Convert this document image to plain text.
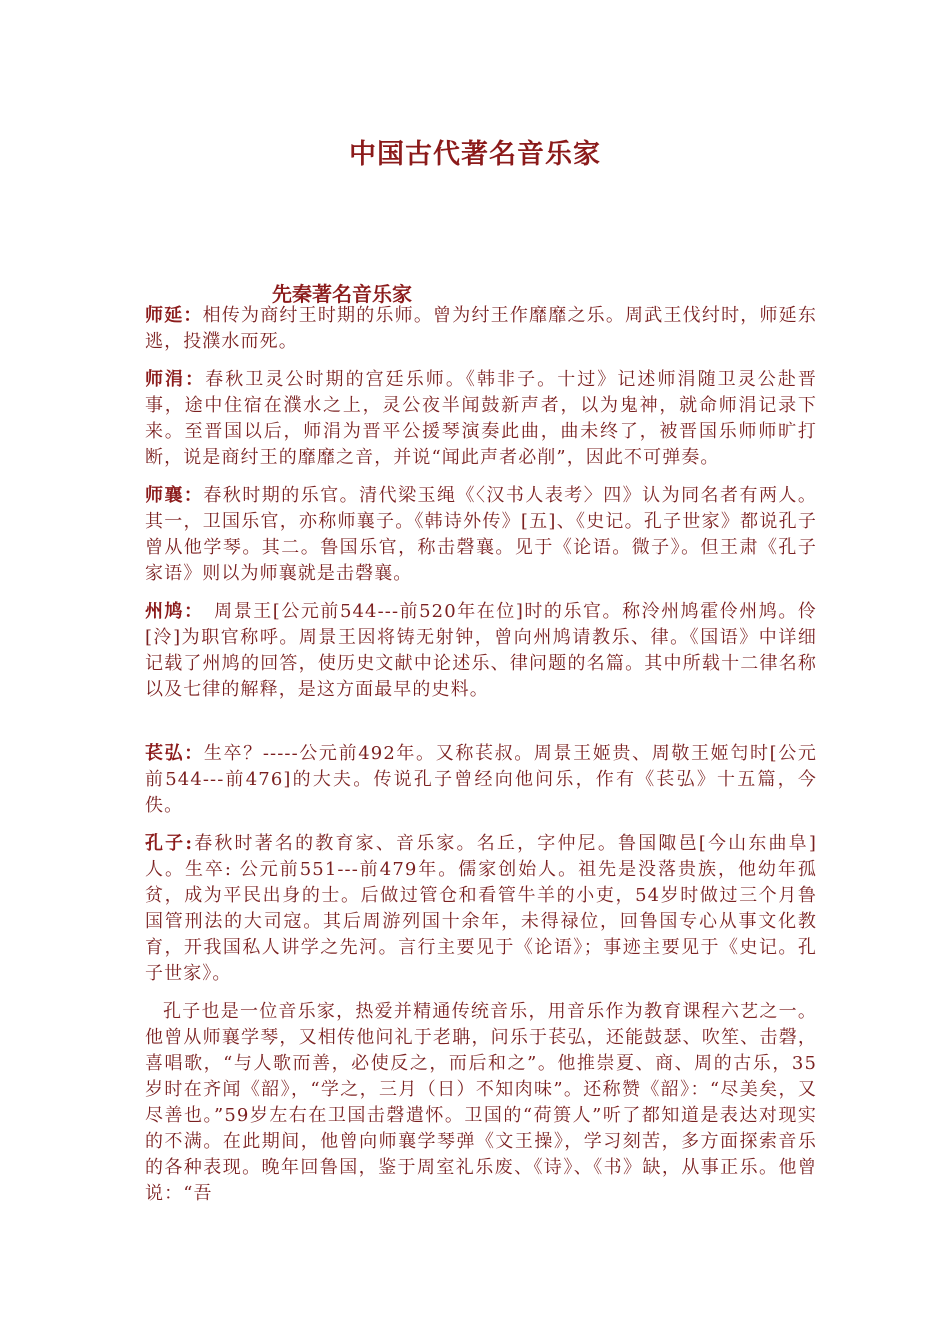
中国古代著名音乐家
先秦著名音乐家

师延：相传为商纣王时期的乐师。曾为纣王作靡靡之乐。周武王伐纣时，师延东逃，投濮水而死。

师涓：春秋卫灵公时期的宫廷乐师。《韩非子。十过》记述师涓随卫灵公赴晋事，途中住宿在濮水之上，灵公夜半闻鼓新声者，以为鬼神，就命师涓记录下来。至晋国以后，师涓为晋平公援琴演奏此曲，曲未终了，被晋国乐师师旷打断，说是商纣王的靡靡之音，并说“闻此声者必削”，因此不可弹奏。

师襄：春秋时期的乐官。清代梁玉绳《〈汉书人表考〉四》认为同名者有两人。其一，卫国乐官，亦称师襄子。《韩诗外传》[五]、《史记。孔子世家》都说孔子曾从他学琴。其二。鲁国乐官，称击磬襄。见于《论语。微子》。但王肃《孔子家语》则以为师襄就是击磬襄。

州鸠：　周景王[公元前544---前520年在位]时的乐官。称泠州鸠霍伶州鸠。伶[泠]为职官称呼。周景王因将铸无射钟，曾向州鸠请教乐、律。《国语》中详细记载了州鸠的回答，使历史文献中论述乐、律问题的名篇。其中所载十二律名称以及七律的解释，是这方面最早的史料。

苌弘：生卒？-----公元前492年。又称苌叔。周景王姬贵、周敬王姬匄时[公元前544---前476]的大夫。传说孔子曾经向他问乐，作有《苌弘》十五篇，今佚。

孔子:春秋时著名的教育家、音乐家。名丘，字仲尼。鲁国陬邑[今山东曲阜]人。生卒: 公元前551---前479年。儒家创始人。祖先是没落贵族，他幼年孤贫，成为平民出身的士。后做过管仓和看管牛羊的小吏，54岁时做过三个月鲁国管刑法的大司寇。其后周游列国十余年，未得禄位，回鲁国专心从事文化教育，开我国私人讲学之先河。言行主要见于《论语》；事迹主要见于《史记。孔子世家》。

孔子也是一位音乐家，热爱并精通传统音乐，用音乐作为教育课程六艺之一。他曾从师襄学琴，又相传他问礼于老聃，问乐于苌弘，还能鼓瑟、吹笙、击磬，喜唱歌，“与人歌而善，必使反之，而后和之”。他推崇夏、商、周的古乐，35岁时在齐闻《韶》，“学之，三月（日）不知肉味”。还称赞《韶》：“尽美矣，又尽善也。”59岁左右在卫国击磬遣怀。卫国的“荷篑人”听了都知道是表达对现实的不满。在此期间，他曾向师襄学琴弹《文王操》，学习刻苦，多方面探索音乐的各种表现。晚年回鲁国，鉴于周室礼乐废、《诗》、《书》缺，从事正乐。他曾说：“吾
